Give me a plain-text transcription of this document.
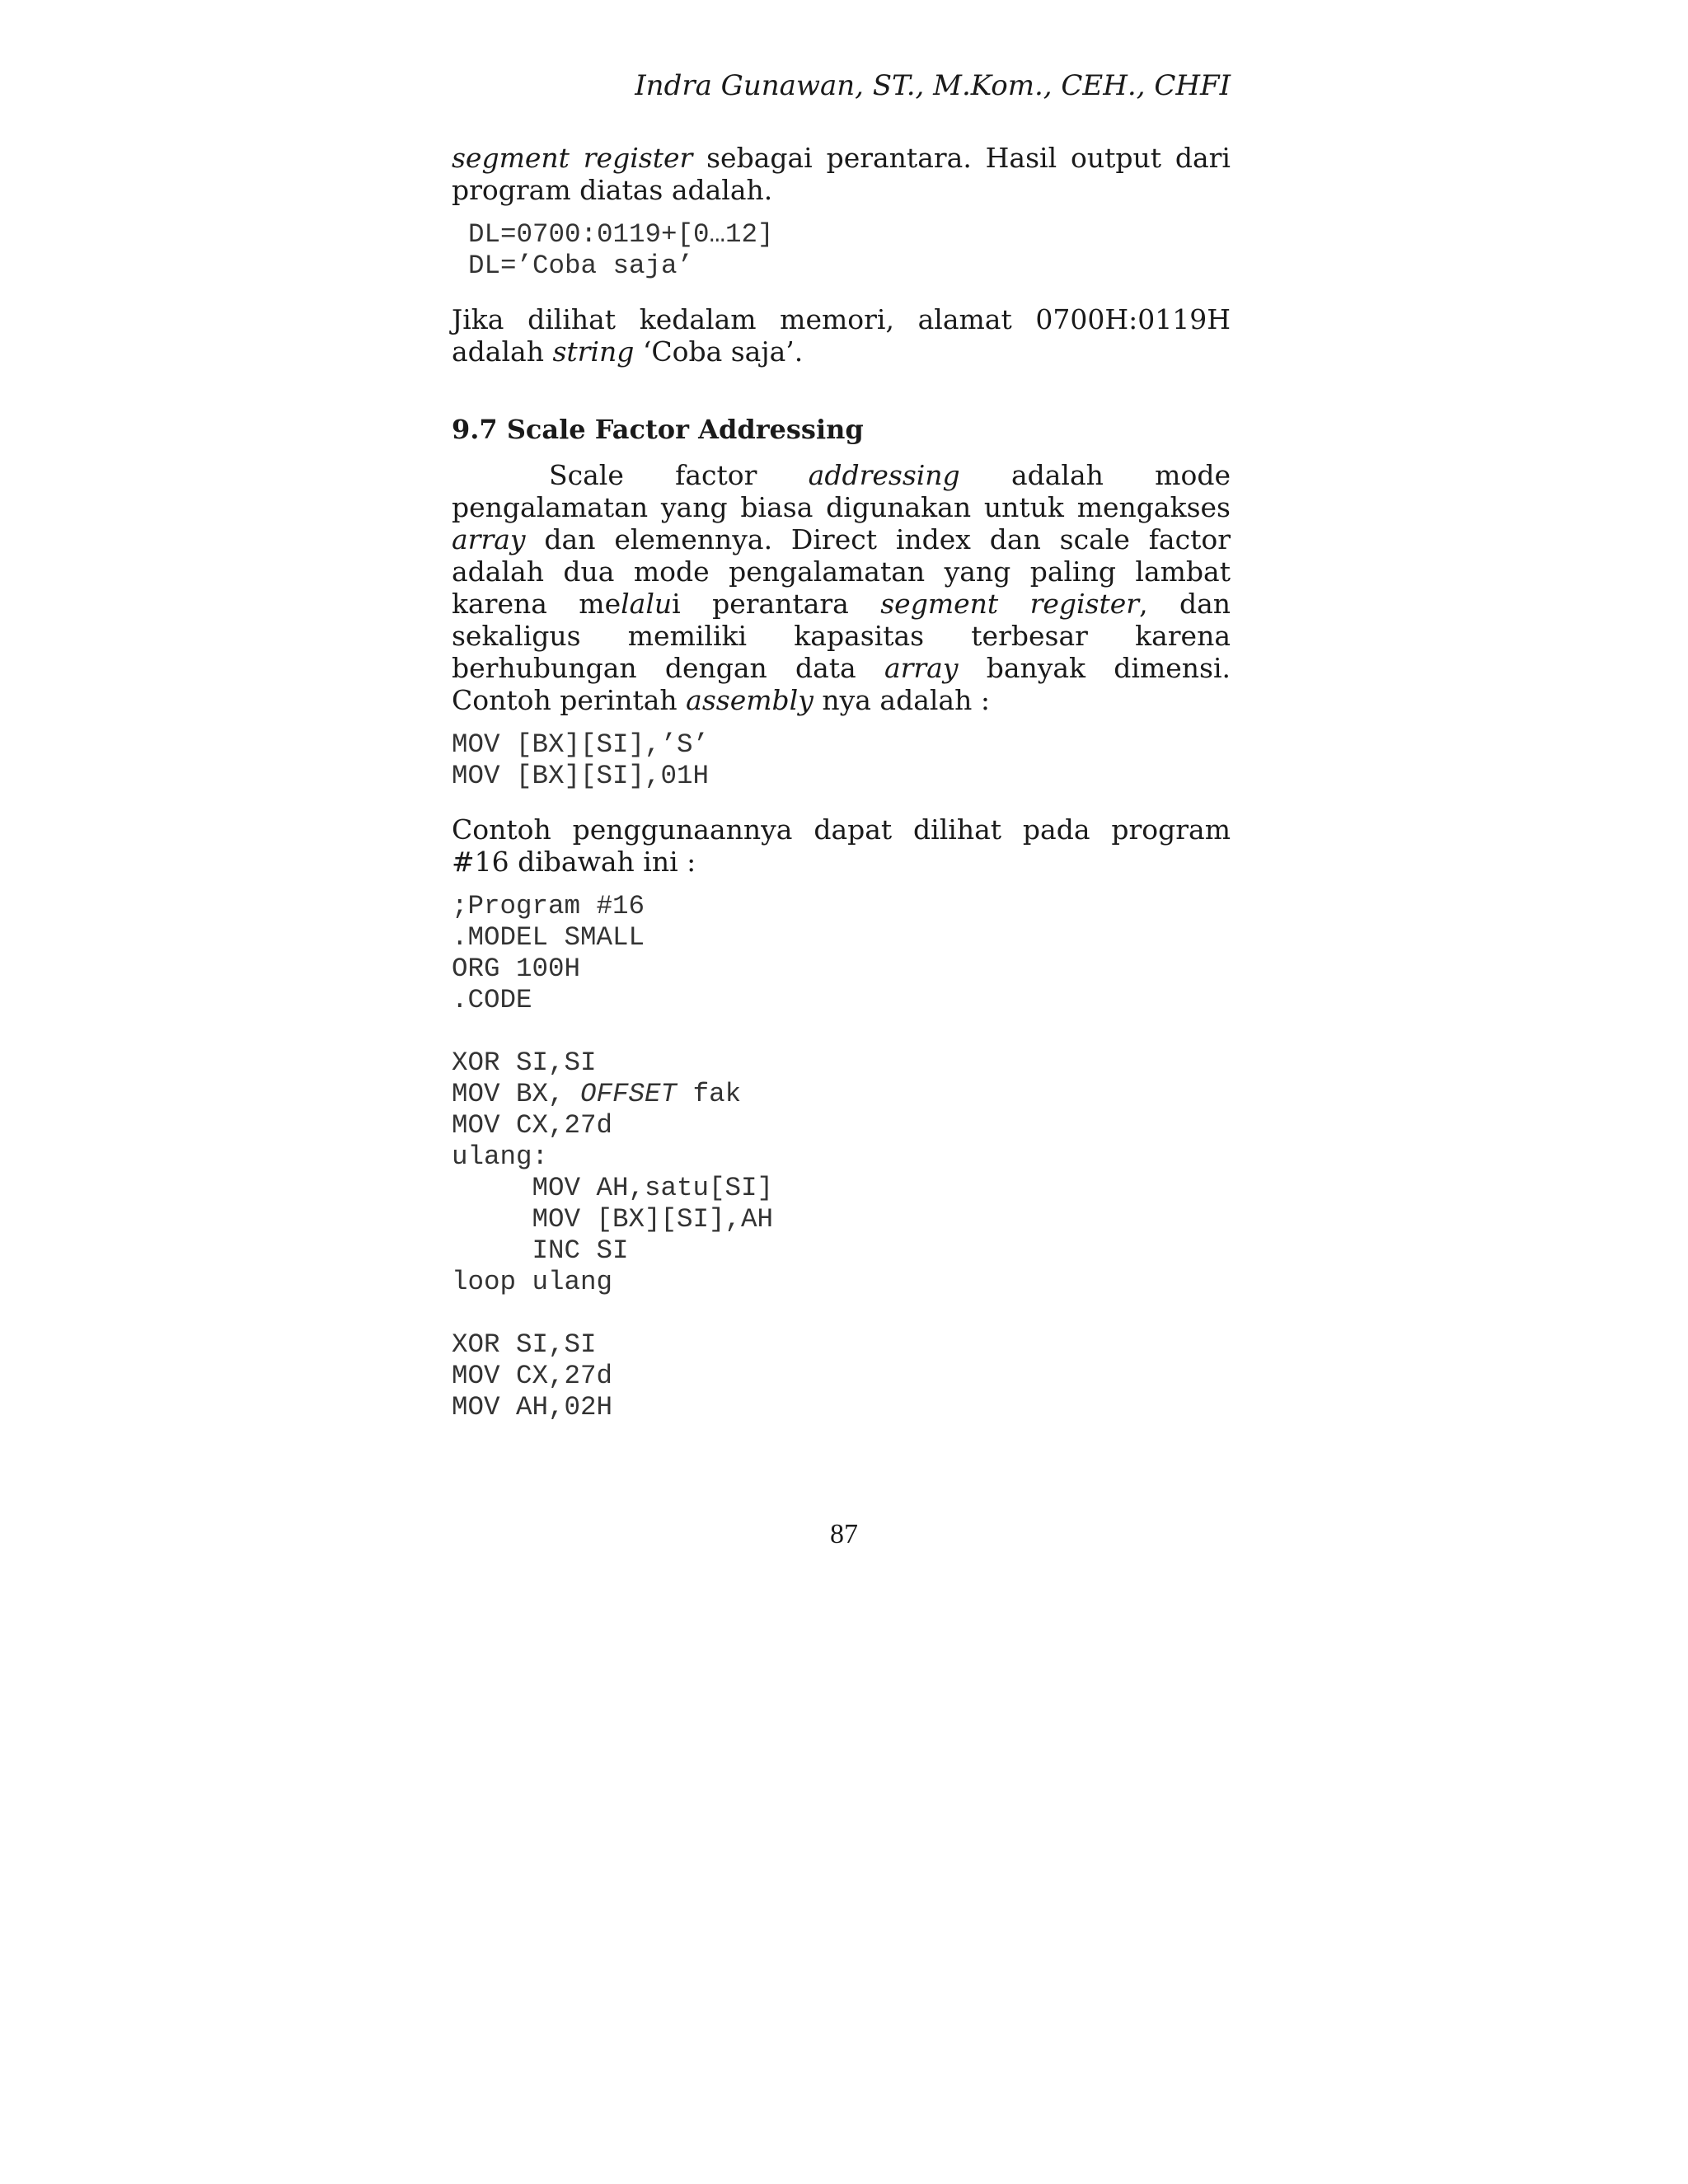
Indra Gunawan, ST., M.Kom., CEH., CHFI

segment register sebagai perantara. Hasil output dari program diatas adalah.

DL=0700:0119+[0…12]
DL=’Coba saja’

Jika dilihat kedalam memori, alamat 0700H:0119H adalah string ‘Coba saja’.

9.7 Scale Factor Addressing

Scale factor addressing adalah mode pengalamatan yang biasa digunakan untuk mengakses array dan elemennya. Direct index dan scale factor adalah dua mode pengalamatan yang paling lambat karena melalui perantara segment register, dan sekaligus memiliki kapasitas terbesar karena berhubungan dengan data array banyak dimensi. Contoh perintah assembly nya adalah :

MOV [BX][SI],’S’
MOV [BX][SI],01H

Contoh penggunaannya dapat dilihat pada program #16 dibawah ini :

;Program #16
.MODEL SMALL
ORG 100H
.CODE

XOR SI,SI
MOV BX, OFFSET fak
MOV CX,27d
ulang:
MOV AH,satu[SI]
MOV [BX][SI],AH
INC SI
loop ulang

XOR SI,SI
MOV CX,27d
MOV AH,02H
87
